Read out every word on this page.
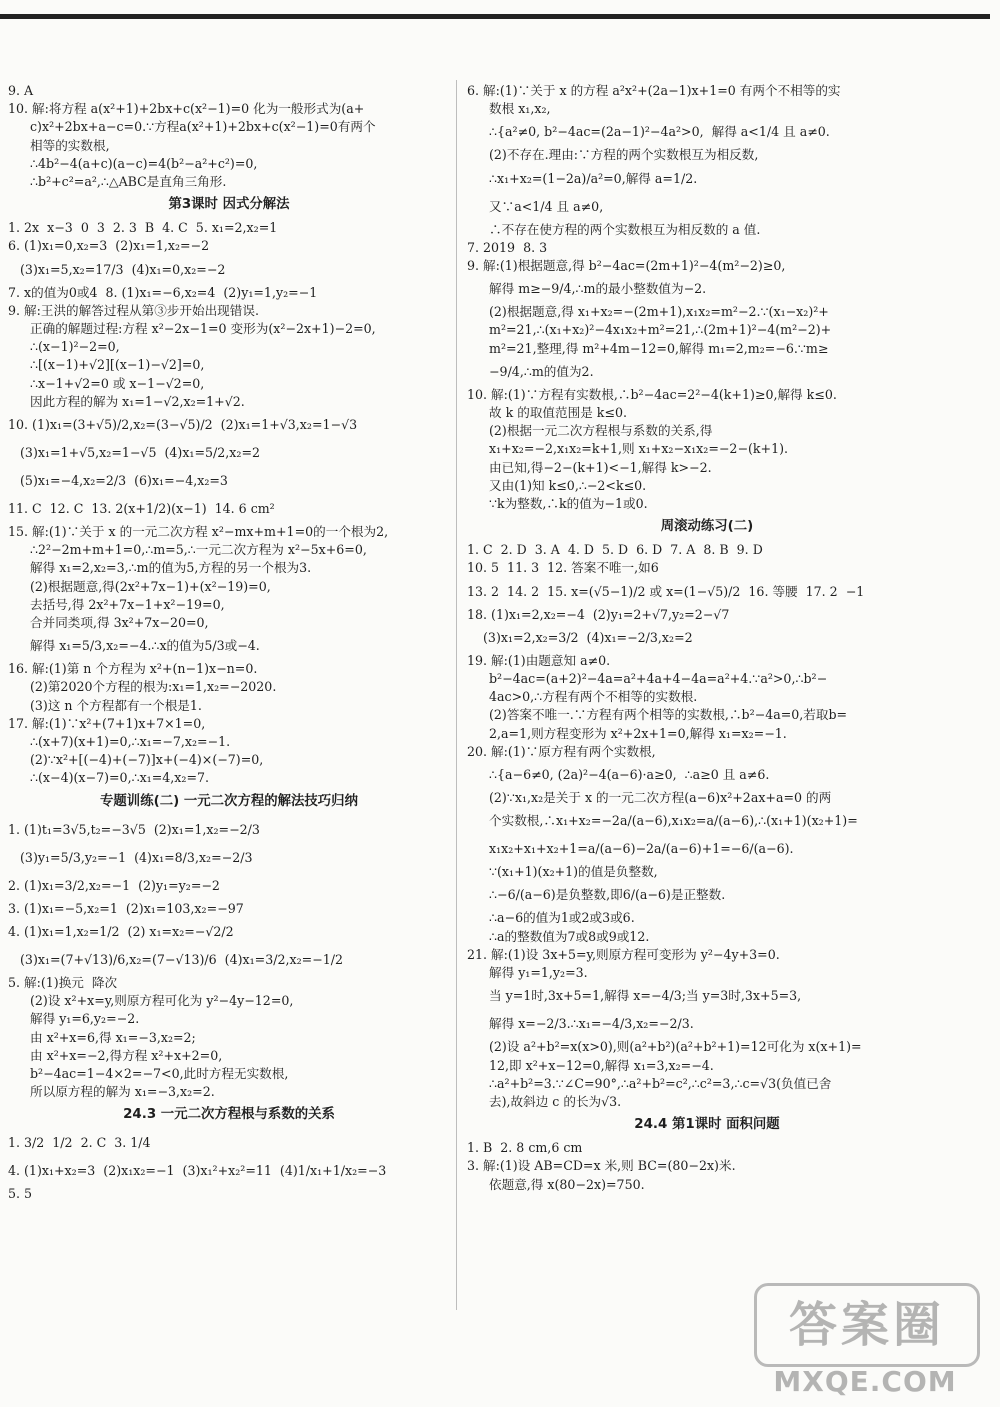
9. A
10. 解:将方程 a(x²+1)+2bx+c(x²−1)=0 化为一般形式为(a+
c)x²+2bx+a−c=0.∵方程a(x²+1)+2bx+c(x²−1)=0有两个
相等的实数根,
∴4b²−4(a+c)(a−c)=4(b²−a²+c²)=0,
∴b²+c²=a²,∴△ABC是直角三角形.
第3课时 因式分解法
1. 2x  x−3  0  3  2. 3  B  4. C  5. x₁=2,x₂=1
6. (1)x₁=0,x₂=3  (2)x₁=1,x₂=−2
(3)x₁=5,x₂=17/3  (4)x₁=0,x₂=−2
7. x的值为0或4  8. (1)x₁=−6,x₂=4  (2)y₁=1,y₂=−1
9. 解:王洪的解答过程从第③步开始出现错误.
正确的解题过程:方程 x²−2x−1=0 变形为(x²−2x+1)−2=0,
∴(x−1)²−2=0,
∴[(x−1)+√2][(x−1)−√2]=0,
∴x−1+√2=0 或 x−1−√2=0,
因此方程的解为 x₁=1−√2,x₂=1+√2.
10. (1)x₁=(3+√5)/2,x₂=(3−√5)/2  (2)x₁=1+√3,x₂=1−√3
(3)x₁=1+√5,x₂=1−√5  (4)x₁=5/2,x₂=2
(5)x₁=−4,x₂=2/3  (6)x₁=−4,x₂=3
11. C  12. C  13. 2(x+1/2)(x−1)  14. 6 cm²
15. 解:(1)∵关于 x 的一元二次方程 x²−mx+m+1=0的一个根为2,
∴2²−2m+m+1=0,∴m=5,∴一元二次方程为 x²−5x+6=0,
解得 x₁=2,x₂=3,∴m的值为5,方程的另一个根为3.
(2)根据题意,得(2x²+7x−1)+(x²−19)=0,
去括号,得 2x²+7x−1+x²−19=0,
合并同类项,得 3x²+7x−20=0,
解得 x₁=5/3,x₂=−4.∴x的值为5/3或−4.
16. 解:(1)第 n 个方程为 x²+(n−1)x−n=0.
(2)第2020个方程的根为:x₁=1,x₂=−2020.
(3)这 n 个方程都有一个根是1.
17. 解:(1)∵x²+(7+1)x+7×1=0,
∴(x+7)(x+1)=0,∴x₁=−7,x₂=−1.
(2)∵x²+[(−4)+(−7)]x+(−4)×(−7)=0,
∴(x−4)(x−7)=0,∴x₁=4,x₂=7.
专题训练(二) 一元二次方程的解法技巧归纳
1. (1)t₁=3√5,t₂=−3√5  (2)x₁=1,x₂=−2/3
(3)y₁=5/3,y₂=−1  (4)x₁=8/3,x₂=−2/3
2. (1)x₁=3/2,x₂=−1  (2)y₁=y₂=−2
3. (1)x₁=−5,x₂=1  (2)x₁=103,x₂=−97
4. (1)x₁=1,x₂=1/2  (2) x₁=x₂=−√2/2
(3)x₁=(7+√13)/6,x₂=(7−√13)/6  (4)x₁=3/2,x₂=−1/2
5. 解:(1)换元  降次
(2)设 x²+x=y,则原方程可化为 y²−4y−12=0,
解得 y₁=6,y₂=−2.
由 x²+x=6,得 x₁=−3,x₂=2;
由 x²+x=−2,得方程 x²+x+2=0,
b²−4ac=1−4×2=−7<0,此时方程无实数根,
所以原方程的解为 x₁=−3,x₂=2.
24.3 一元二次方程根与系数的关系
1. 3/2  1/2  2. C  3. 1/4
4. (1)x₁+x₂=3  (2)x₁x₂=−1  (3)x₁²+x₂²=11  (4)1/x₁+1/x₂=−3
5. 5
6. 解:(1)∵关于 x 的方程 a²x²+(2a−1)x+1=0 有两个不相等的实
数根 x₁,x₂,
∴{a²≠0, b²−4ac=(2a−1)²−4a²>0,  解得 a<1/4 且 a≠0.
(2)不存在.理由:∵方程的两个实数根互为相反数,
∴x₁+x₂=(1−2a)/a²=0,解得 a=1/2.
又∵a<1/4 且 a≠0,
∴不存在使方程的两个实数根互为相反数的 a 值.
7. 2019  8. 3
9. 解:(1)根据题意,得 b²−4ac=(2m+1)²−4(m²−2)≥0,
解得 m≥−9/4,∴m的最小整数值为−2.
(2)根据题意,得 x₁+x₂=−(2m+1),x₁x₂=m²−2.∵(x₁−x₂)²+
m²=21,∴(x₁+x₂)²−4x₁x₂+m²=21,∴(2m+1)²−4(m²−2)+
m²=21,整理,得 m²+4m−12=0,解得 m₁=2,m₂=−6.∵m≥
−9/4,∴m的值为2.
10. 解:(1)∵方程有实数根,∴b²−4ac=2²−4(k+1)≥0,解得 k≤0.
故 k 的取值范围是 k≤0.
(2)根据一元二次方程根与系数的关系,得
x₁+x₂=−2,x₁x₂=k+1,则 x₁+x₂−x₁x₂=−2−(k+1).
由已知,得−2−(k+1)<−1,解得 k>−2.
又由(1)知 k≤0,∴−2<k≤0.
∵k为整数,∴k的值为−1或0.
周滚动练习(二)
1. C  2. D  3. A  4. D  5. D  6. D  7. A  8. B  9. D
10. 5  11. 3  12. 答案不唯一,如6
13. 2  14. 2  15. x=(√5−1)/2 或 x=(1−√5)/2  16. 等腰  17. 2  −1
18. (1)x₁=2,x₂=−4  (2)y₁=2+√7,y₂=2−√7
(3)x₁=2,x₂=3/2  (4)x₁=−2/3,x₂=2
19. 解:(1)由题意知 a≠0.
b²−4ac=(a+2)²−4a=a²+4a+4−4a=a²+4.∵a²>0,∴b²−
4ac>0,∴方程有两个不相等的实数根.
(2)答案不唯一.∵方程有两个相等的实数根,∴b²−4a=0,若取b=
2,a=1,则方程变形为 x²+2x+1=0,解得 x₁=x₂=−1.
20. 解:(1)∵原方程有两个实数根,
∴{a−6≠0, (2a)²−4(a−6)·a≥0,  ∴a≥0 且 a≠6.
(2)∵x₁,x₂是关于 x 的一元二次方程(a−6)x²+2ax+a=0 的两
个实数根,∴x₁+x₂=−2a/(a−6),x₁x₂=a/(a−6),∴(x₁+1)(x₂+1)=
x₁x₂+x₁+x₂+1=a/(a−6)−2a/(a−6)+1=−6/(a−6).
∵(x₁+1)(x₂+1)的值是负整数,
∴−6/(a−6)是负整数,即6/(a−6)是正整数.
∴a−6的值为1或2或3或6.
∴a的整数值为7或8或9或12.
21. 解:(1)设 3x+5=y,则原方程可变形为 y²−4y+3=0.
解得 y₁=1,y₂=3.
当 y=1时,3x+5=1,解得 x=−4/3;当 y=3时,3x+5=3,
解得 x=−2/3.∴x₁=−4/3,x₂=−2/3.
(2)设 a²+b²=x(x>0),则(a²+b²)(a²+b²+1)=12可化为 x(x+1)=
12,即 x²+x−12=0,解得 x₁=3,x₂=−4.
∴a²+b²=3.∵∠C=90°,∴a²+b²=c²,∴c²=3,∴c=√3(负值已舍
去),故斜边 c 的长为√3.
24.4 第1课时 面积问题
1. B  2. 8 cm,6 cm
3. 解:(1)设 AB=CD=x 米,则 BC=(80−2x)米.
依题意,得 x(80−2x)=750.
答案圈
MXQE.COM
